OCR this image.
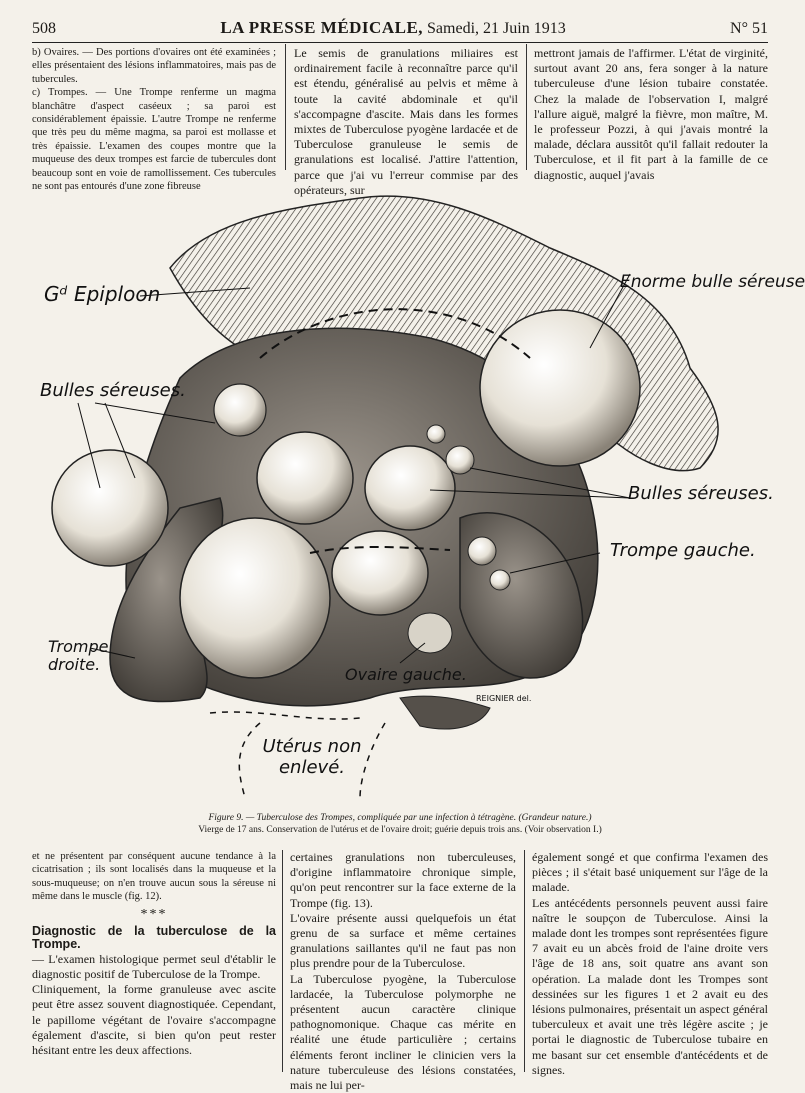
508	LA PRESSE MÉDICALE, Samedi, 21 Juin 1913	N° 51
b) Ovaires. — Des portions d'ovaires ont été examinées ; elles présentaient des lésions inflammatoires, mais pas de tubercules.
c) Trompes. — Une Trompe renferme un magma blanchâtre d'aspect caséeux ; sa paroi est considérablement épaissie. L'autre Trompe ne renferme que très peu du même magma, sa paroi est mollasse et très épaissie. L'examen des coupes montre que la muqueuse des deux trompes est farcie de tubercules dont beaucoup sont en voie de ramollissement. Ces tubercules ne sont pas entourés d'une zone fibreuse
Le semis de granulations miliaires est ordinairement facile à reconnaître parce qu'il est étendu, généralisé au pelvis et même à toute la cavité abdominale et qu'il s'accompagne d'ascite. Mais dans les formes mixtes de Tuberculose pyogène lardacée et de Tuberculose granuleuse le semis de granulations est localisé. J'attire l'attention, parce que j'ai vu l'erreur commise par des opérateurs, sur
mettront jamais de l'affirmer. L'état de virginité, surtout avant 20 ans, fera songer à la nature tuberculeuse d'une lésion tubaire constatée. Chez la malade de l'observation I, malgré l'allure aiguë, malgré la fièvre, mon maître, M. le professeur Pozzi, à qui j'avais montré la malade, déclara aussitôt qu'il fallait redouter la Tuberculose, et il fit part à la famille de ce diagnostic, auquel j'avais
Gᵈ Epiploon	Enorme bulle séreuse
Bulles séreuses.
Bulles séreuses.
Trompe gauche.
Trompe droite.
Ovaire gauche.
Utérus non enlevé.
REIGNIER del.
Figure 9. — Tuberculose des Trompes, compliquée par une infection à tétragène. (Grandeur nature.)
Vierge de 17 ans. Conservation de l'utérus et de l'ovaire droit; guérie depuis trois ans. (Voir observation I.)

et ne présentent par conséquent aucune tendance à la cicatrisation ; ils sont localisés dans la muqueuse et la sous-muqueuse; on n'en trouve aucun sous la séreuse ni même dans le muscle (fig. 12).

***
Diagnostic de la tuberculose de la Trompe.

— L'examen histologique permet seul d'établir le diagnostic positif de Tuberculose de la Trompe.
Cliniquement, la forme granuleuse avec ascite peut être assez souvent diagnostiquée. Cependant, le papillome végétant de l'ovaire s'accompagne également d'ascite, si bien qu'on peut rester hésitant entre les deux affections.

certaines granulations non tuberculeuses, d'origine inflammatoire chronique simple, qu'on peut rencontrer sur la face externe de la Trompe (fig. 13).
L'ovaire présente aussi quelquefois un état grenu de sa surface et même certaines granulations saillantes qu'il ne faut pas non plus prendre pour de la Tuberculose.
La Tuberculose pyogène, la Tuberculose lardacée, la Tuberculose polymorphe ne présentent aucun caractère clinique pathognomonique. Chaque cas mérite en réalité une étude particulière ; certains éléments feront incliner le clinicien vers la nature tuberculeuse des lésions constatées, mais ne lui per-
également songé et que confirma l'examen des pièces ; il s'était basé uniquement sur l'âge de la malade.
Les antécédents personnels peuvent aussi faire naître le soupçon de Tuberculose. Ainsi la malade dont les trompes sont représentées figure 7 avait eu un abcès froid de l'aine droite vers l'âge de 18 ans, soit quatre ans avant son opération. La malade dont les Trompes sont dessinées sur les figures 1 et 2 avait eu des lésions pulmonaires, présentait un aspect général tuberculeux et avait une très légère ascite ; je portai le diagnostic de Tuberculose tubaire en me basant sur cet ensemble d'antécédents et de signes.
